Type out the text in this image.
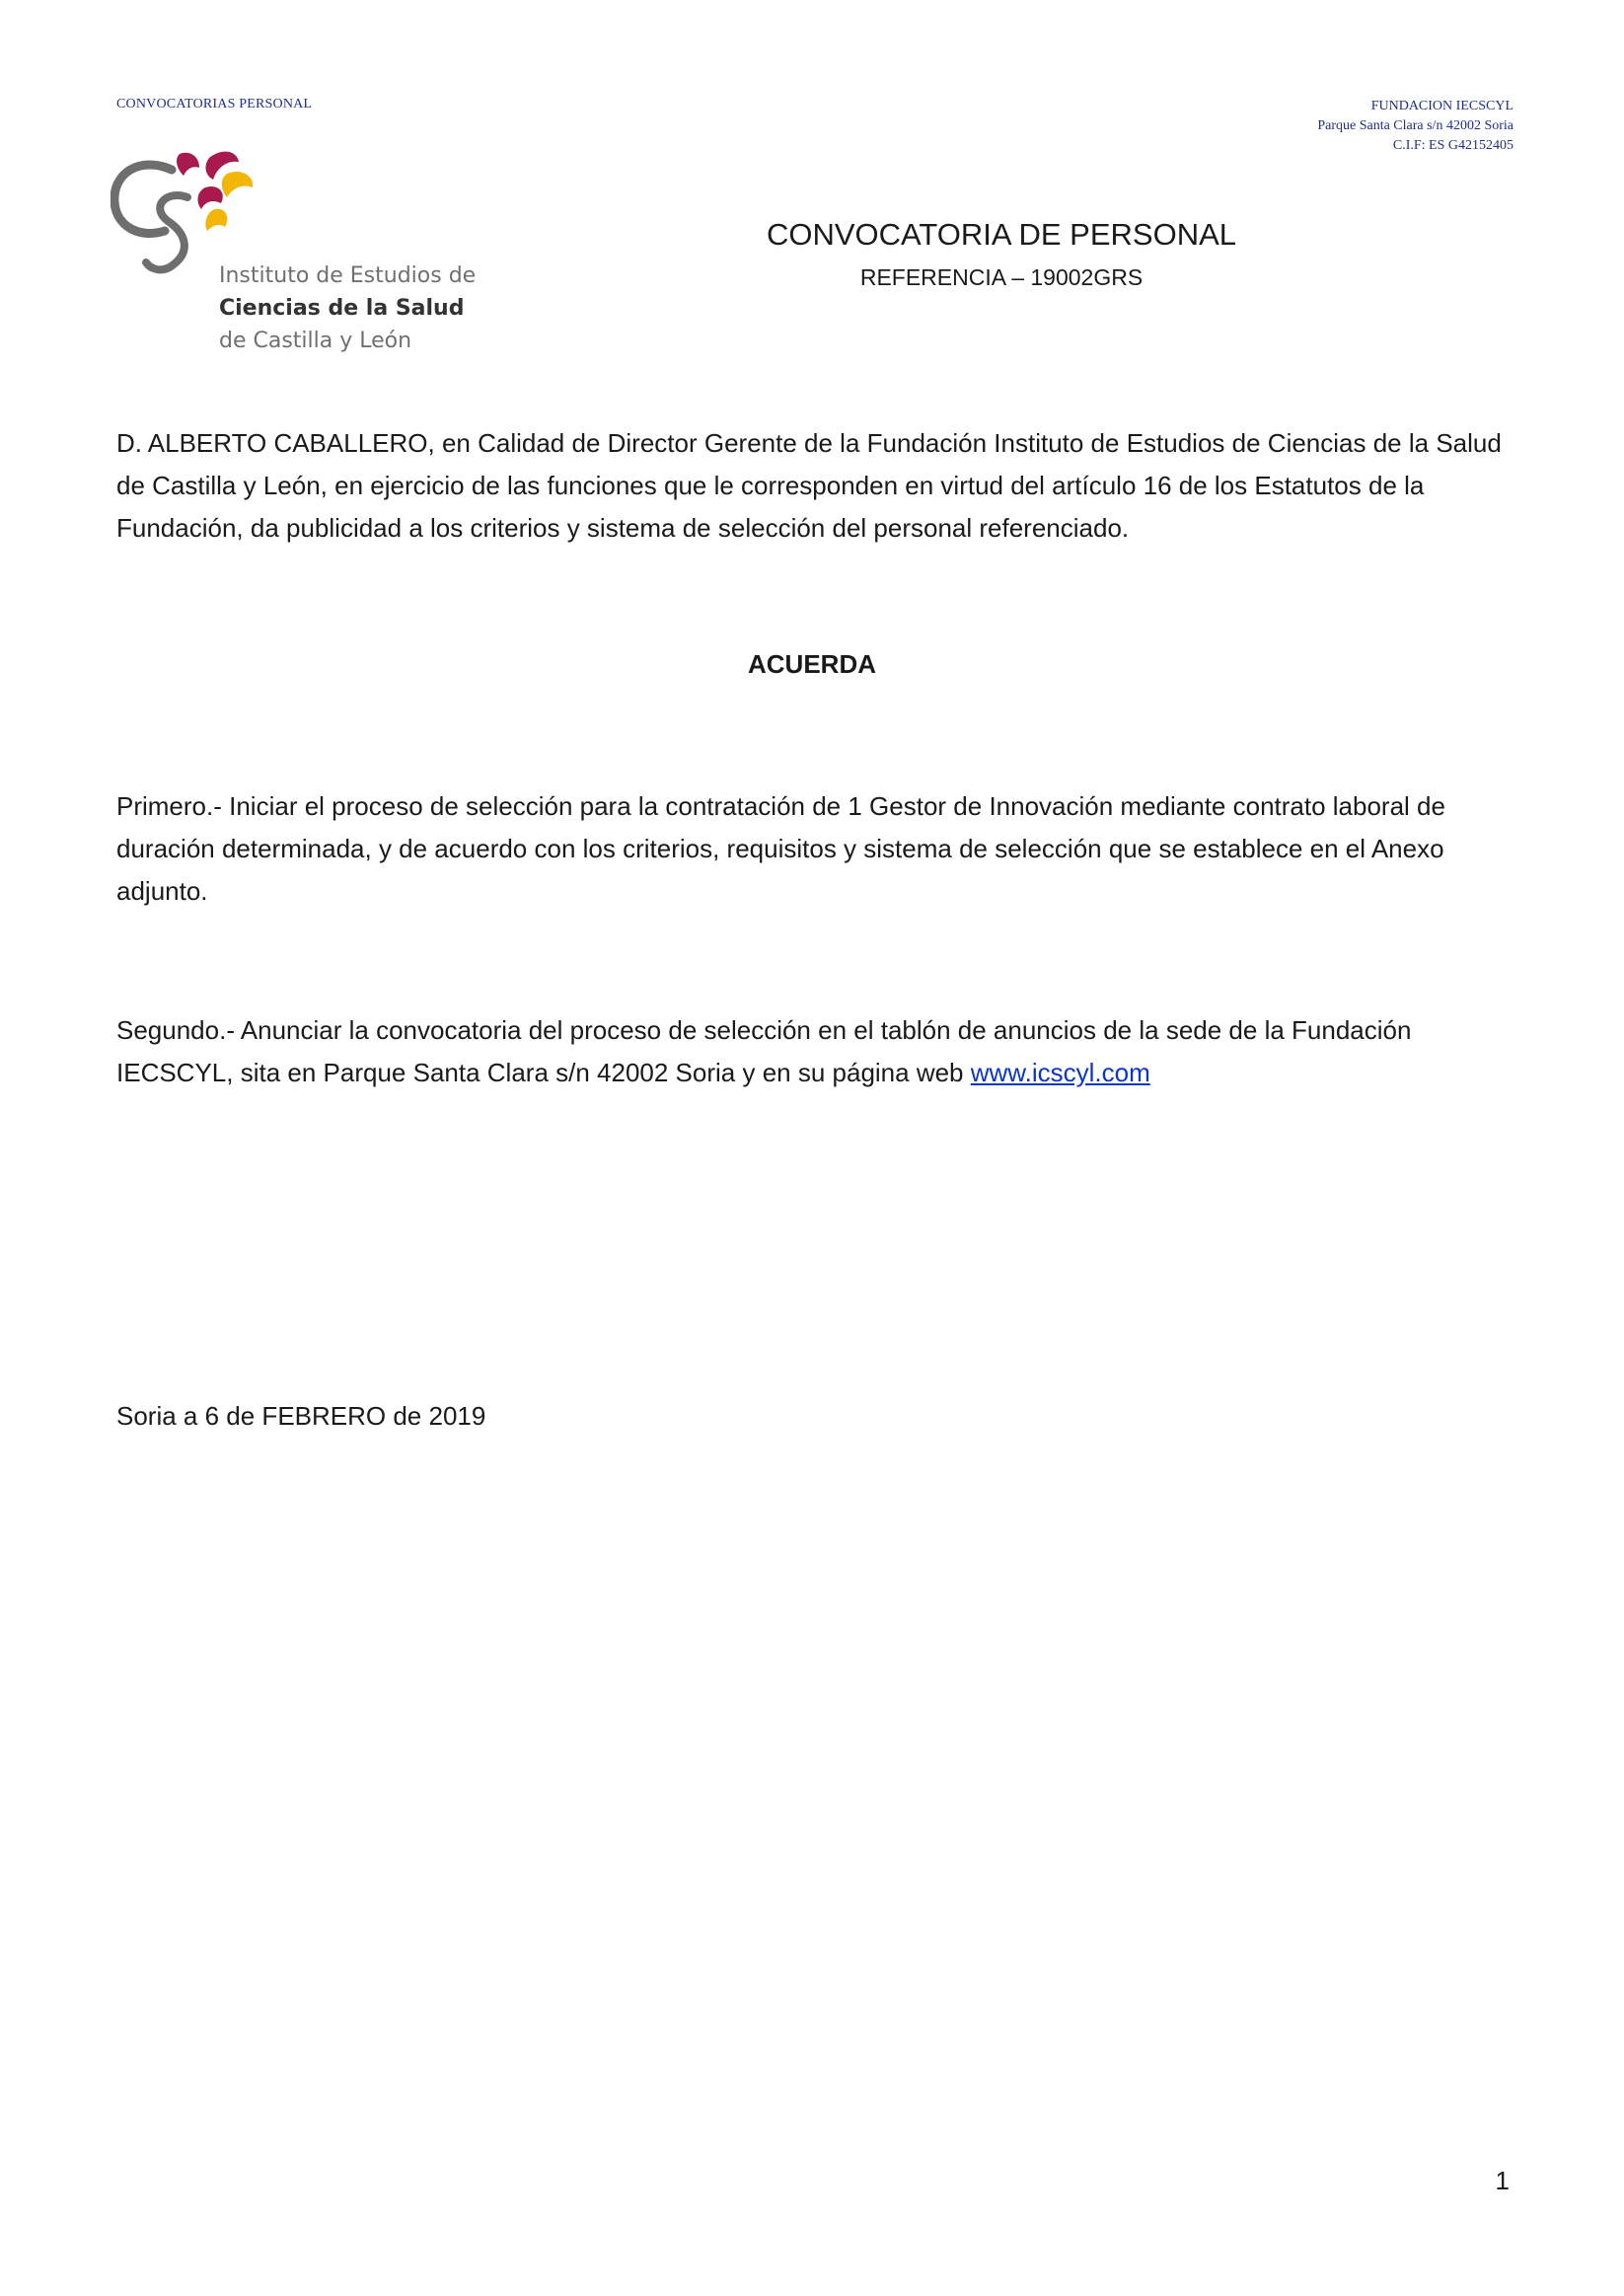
CONVOCATORIAS PERSONAL	FUNDACION IECSCYL
Parque Santa Clara s/n 42002 Soria
C.I.F: ES G42152405
Instituto de Estudios de
Ciencias de la Salud
de Castilla y León
CONVOCATORIA DE PERSONAL
REFERENCIA – 19002GRS
D. ALBERTO CABALLERO, en Calidad de Director Gerente de la Fundación Instituto de Estudios de Ciencias de la Salud de Castilla y León, en ejercicio de las funciones que le corresponden en virtud del artículo 16 de los Estatutos de la Fundación, da publicidad a los criterios y sistema de selección del personal referenciado.
ACUERDA
Primero.- Iniciar el proceso de selección para la contratación de 1 Gestor de Innovación mediante contrato laboral de duración determinada, y de acuerdo con los criterios, requisitos y sistema de selección que se establece en el Anexo adjunto.
Segundo.- Anunciar la convocatoria del proceso de selección en el tablón de anuncios de la sede de la Fundación IECSCYL, sita en Parque Santa Clara s/n 42002 Soria y en su página web www.icscyl.com
Soria a 6 de FEBRERO de 2019
1
